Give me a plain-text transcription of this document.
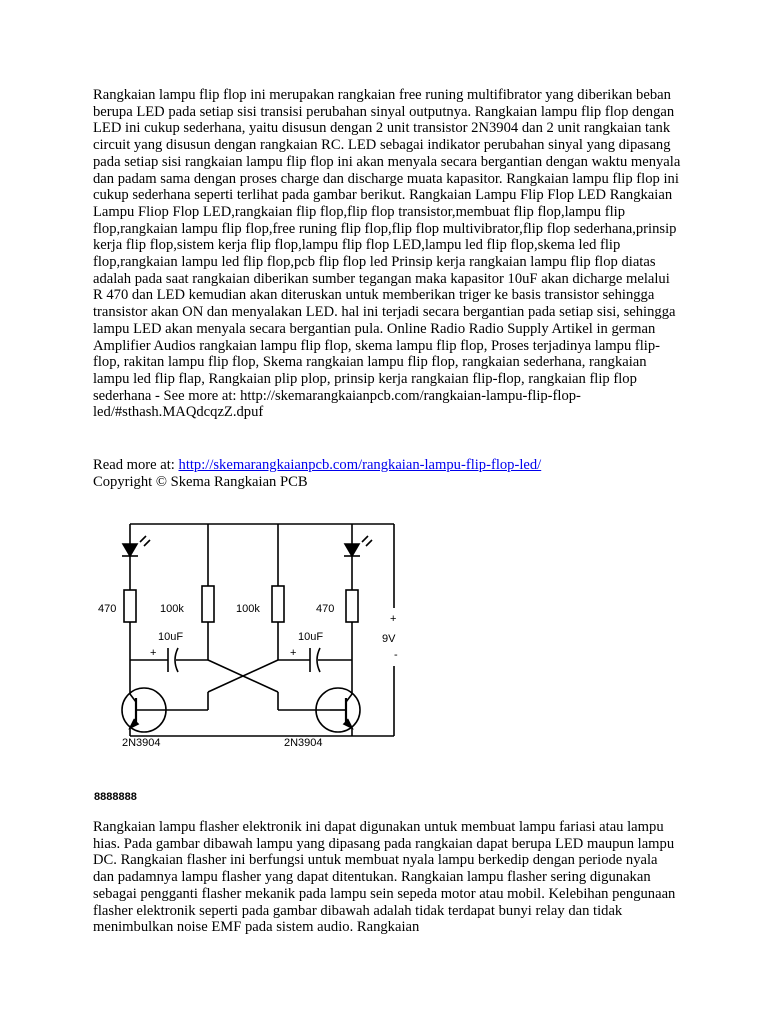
Rangkaian lampu flip flop ini merupakan rangkaian free runing multifibrator yang diberikan beban berupa LED pada setiap sisi transisi perubahan sinyal outputnya. Rangkaian lampu flip flop dengan LED ini cukup sederhana, yaitu disusun dengan 2 unit transistor 2N3904 dan 2 unit rangkaian tank circuit yang disusun dengan rangkaian RC. LED sebagai indikator perubahan sinyal yang dipasang pada setiap sisi rangkaian lampu flip flop ini akan menyala secara bergantian dengan waktu menyala dan padam sama dengan proses charge dan discharge muata kapasitor. Rangkaian lampu flip flop ini cukup sederhana seperti terlihat pada gambar berikut. Rangkaian Lampu Flip Flop LED Rangkaian Lampu Fliop Flop LED,rangkaian flip flop,flip flop transistor,membuat flip flop,lampu flip flop,rangkaian lampu flip flop,free runing flip flop,flip flop multivibrator,flip flop sederhana,prinsip kerja flip flop,sistem kerja flip flop,lampu flip flop LED,lampu led flip flop,skema led flip flop,rangkaian lampu led flip flop,pcb flip flop led Prinsip kerja rangkaian lampu flip flop diatas adalah pada saat rangkaian diberikan sumber tegangan maka kapasitor 10uF akan dicharge melalui R 470 dan LED kemudian akan diteruskan untuk memberikan triger ke basis transistor sehingga transistor akan ON dan menyalakan LED. hal ini terjadi secara bergantian pada setiap sisi, sehingga lampu LED akan menyala secara bergantian pula. Online Radio Radio Supply Artikel in german Amplifier Audios rangkaian lampu flip flop, skema lampu flip flop, Proses terjadinya lampu flip-flop, rakitan lampu flip flop, Skema rangkaian lampu flip flop, rangkaian sederhana, rangkaian lampu led flip flap, Rangkaian plip plop, prinsip kerja rangkaian flip-flop, rangkaian flip flop sederhana - See more at: http://skemarangkaianpcb.com/rangkaian-lampu-flip-flop-led/#sthash.MAQdcqzZ.dpuf

Read more at: http://skemarangkaianpcb.com/rangkaian-lampu-flip-flop-led/

Copyright © Skema Rangkaian PCB

470	100k	100k	470
10uF	10uF
+	+
2N3904	2N3904
+
9V
-

8888888

Rangkaian lampu flasher elektronik ini dapat digunakan untuk membuat lampu fariasi atau lampu hias. Pada gambar dibawah lampu yang dipasang pada rangkaian dapat berupa LED maupun lampu DC. Rangkaian flasher ini berfungsi untuk membuat nyala lampu berkedip dengan periode nyala dan padamnya lampu flasher yang dapat ditentukan. Rangkaian lampu flasher sering digunakan sebagai pengganti flasher mekanik pada lampu sein sepeda motor atau mobil. Kelebihan pengunaan flasher elektronik seperti pada gambar dibawah adalah tidak terdapat bunyi relay dan tidak menimbulkan noise EMF pada sistem audio. Rangkaian
